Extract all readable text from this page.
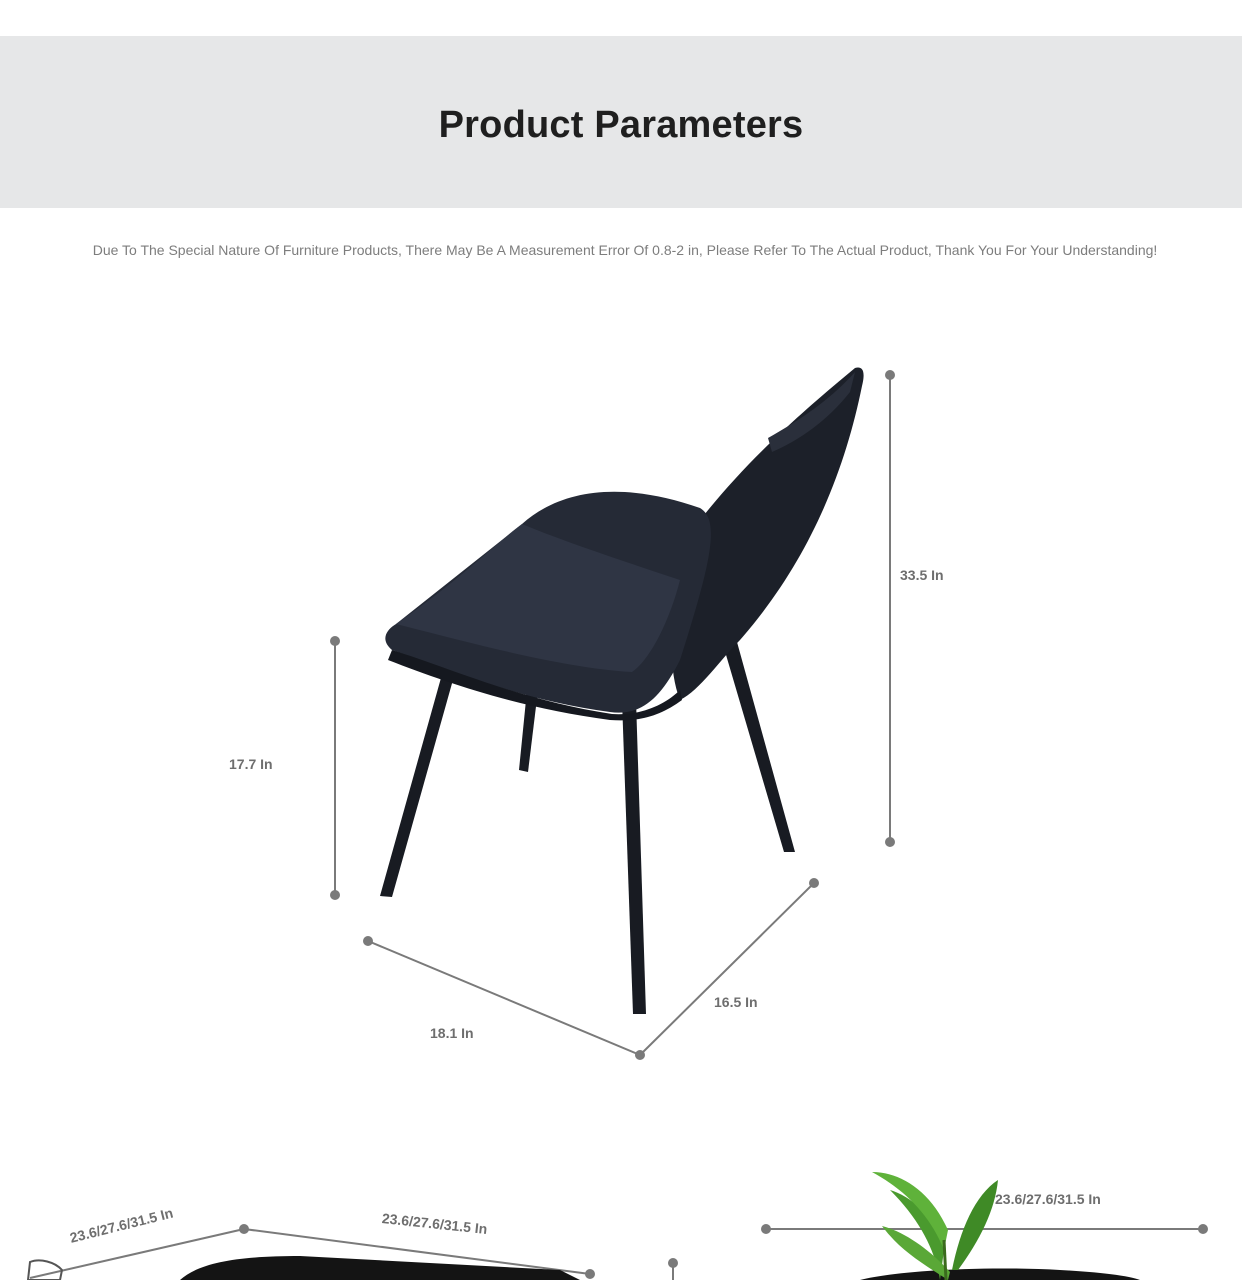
Product Parameters
Due To The Special Nature Of Furniture Products, There May Be A Measurement Error Of 0.8-2 in, Please Refer To The Actual Product, Thank You For Your Understanding!
33.5 In
17.7 In
18.1 In
16.5 In
23.6/27.6/31.5 In	23.6/27.6/31.5 In
23.6/27.6/31.5 In
